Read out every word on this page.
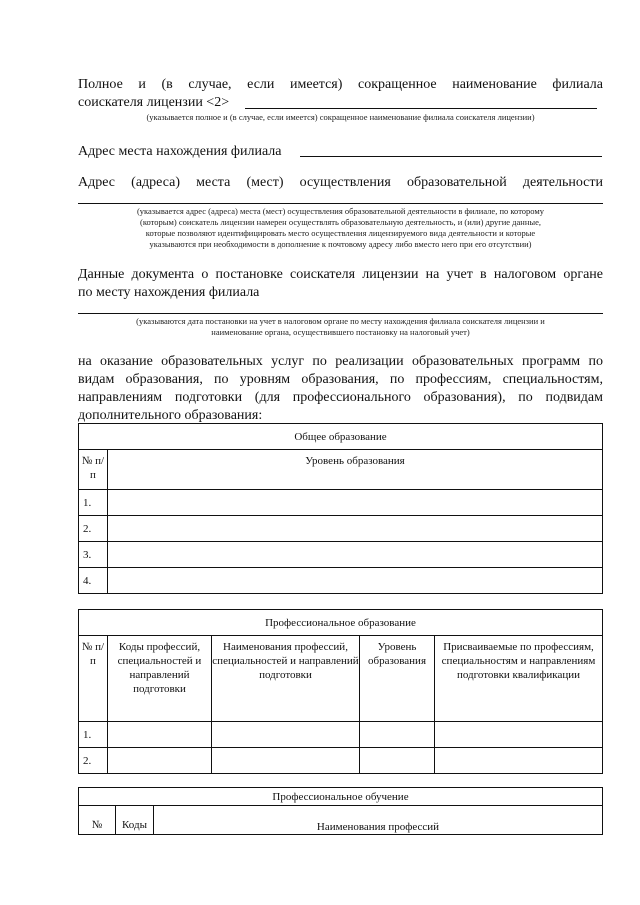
Полное и (в случае, если имеется) сокращенное наименование филиала
соискателя лицензии <2>
(указывается полное и (в случае, если имеется) сокращенное наименование филиала соискателя лицензии)
Адрес места нахождения филиала
Адрес (адреса) места (мест) осуществления образовательной деятельности
(указывается адрес (адреса) места (мест) осуществления образовательной деятельности в филиале, по которому
(которым) соискатель лицензии намерен осуществлять образовательную деятельность, и (или) другие данные,
которые позволяют идентифицировать место осуществления лицензируемого вида деятельности и которые
указываются при необходимости в дополнение к почтовому адресу либо вместо него при его отсутствии)
Данные документа о постановке соискателя лицензии на учет в налоговом органе
по месту нахождения филиала
(указываются дата постановки на учет в налоговом органе по месту нахождения филиала соискателя лицензии и
наименование органа, осуществившего постановку на налоговый учет)
на оказание образовательных услуг по реализации образовательных программ по
видам образования, по уровням образования, по профессиям, специальностям,
направлениям подготовки (для профессионального образования), по подвидам
дополнительного образования:
Общее образование	
№ п/п	Уровень образования
1.	
2.	
3.	
4.	
Профессиональное образование				
№ п/п	Коды профессий, специальностей и направлений подготовки	Наименования профессий, специальностей и направлений подготовки	Уровень образования	Присваиваемые по профессиям, специальностям и направлениям подготовки квалификации
1.				
2.				
Профессиональное обучение
№	Коды	Наименования профессий
